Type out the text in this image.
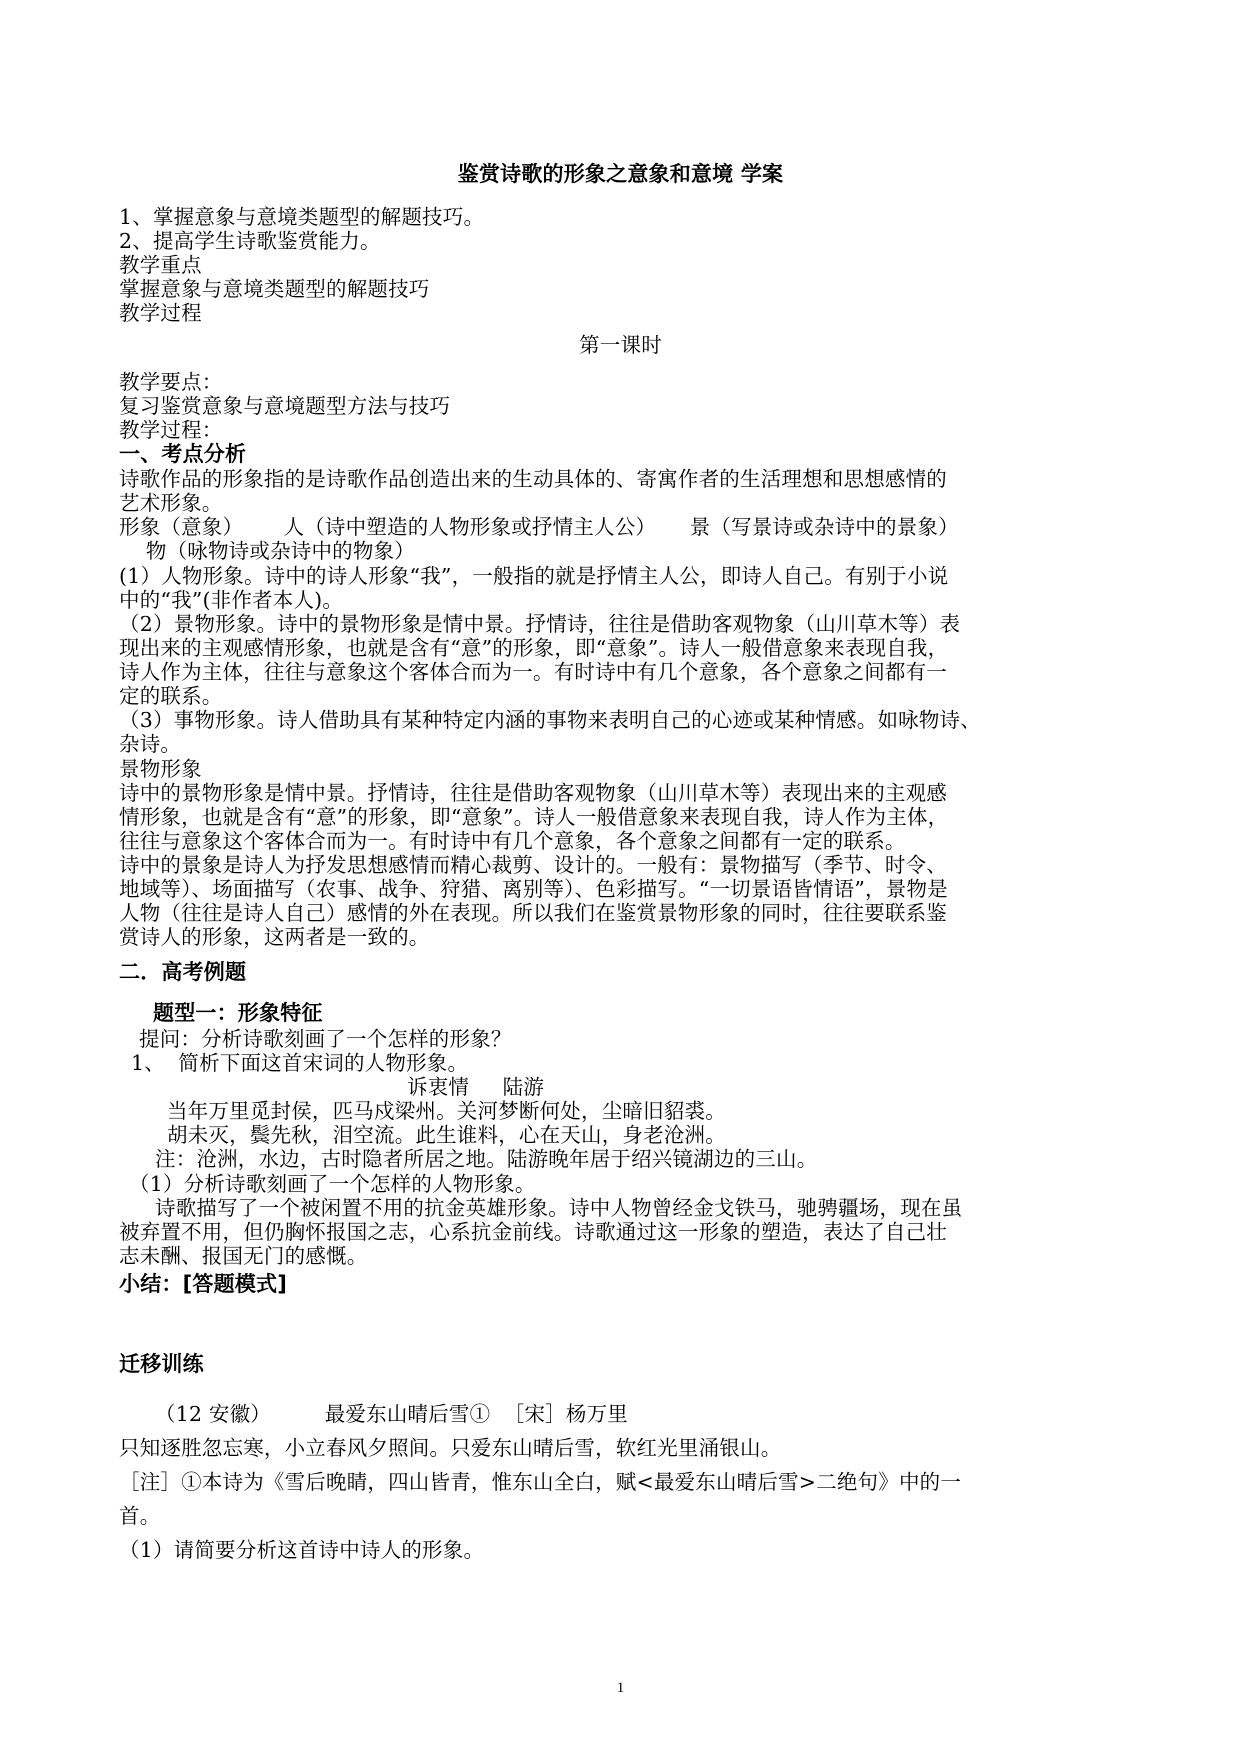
鉴赏诗歌的形象之意象和意境 学案
1、掌握意象与意境类题型的解题技巧。
2、提高学生诗歌鉴赏能力。
教学重点
掌握意象与意境类题型的解题技巧
教学过程
第一课时
教学要点：
复习鉴赏意象与意境题型方法与技巧
教学过程：
一、考点分析
诗歌作品的形象指的是诗歌作品创造出来的生动具体的、寄寓作者的生活理想和思想感情的
艺术形象。
形象（意象）      人（诗中塑造的人物形象或抒情主人公）     景（写景诗或杂诗中的景象）
物（咏物诗或杂诗中的物象）
(1）人物形象。诗中的诗人形象“我”，一般指的就是抒情主人公，即诗人自己。有别于小说
中的“我”(非作者本人)。
（2）景物形象。诗中的景物形象是情中景。抒情诗，往往是借助客观物象（山川草木等）表
现出来的主观感情形象，也就是含有“意”的形象，即“意象”。诗人一般借意象来表现自我，
诗人作为主体，往往与意象这个客体合而为一。有时诗中有几个意象，各个意象之间都有一
定的联系。
（3）事物形象。诗人借助具有某种特定内涵的事物来表明自己的心迹或某种情感。如咏物诗、
杂诗。
景物形象
诗中的景物形象是情中景。抒情诗，往往是借助客观物象（山川草木等）表现出来的主观感
情形象，也就是含有“意”的形象，即“意象”。诗人一般借意象来表现自我，诗人作为主体，
往往与意象这个客体合而为一。有时诗中有几个意象，各个意象之间都有一定的联系。
诗中的景象是诗人为抒发思想感情而精心裁剪、设计的。一般有：景物描写（季节、时令、
地域等）、场面描写（农事、战争、狩猎、离别等）、色彩描写。“一切景语皆情语”，景物是
人物（往往是诗人自己）感情的外在表现。所以我们在鉴赏景物形象的同时，往往要联系鉴
赏诗人的形象，这两者是一致的。
二．高考例题
题型一：形象特征
提问：分析诗歌刻画了一个怎样的形象？
1、  简析下面这首宋词的人物形象。
诉衷情     陆游
当年万里觅封侯，匹马戍梁州。关河梦断何处，尘暗旧貂裘。
胡未灭，鬓先秋，泪空流。此生谁料，心在天山，身老沧洲。
注：沧洲，水边，古时隐者所居之地。陆游晚年居于绍兴镜湖边的三山。
（1）分析诗歌刻画了一个怎样的人物形象。
诗歌描写了一个被闲置不用的抗金英雄形象。诗中人物曾经金戈铁马，驰骋疆场，现在虽
被弃置不用，但仍胸怀报国之志，心系抗金前线。诗歌通过这一形象的塑造，表达了自己壮
志未酬、报国无门的感慨。
小结：[答题模式]
迁移训练
（12 安徽）        最爱东山晴后雪①  ［宋］杨万里
只知逐胜忽忘寒，小立春风夕照间。只爱东山晴后雪，软红光里涌银山。
［注］①本诗为《雪后晚睛，四山皆青，惟东山全白，赋<最爱东山晴后雪>二绝句》中的一
首。
（1）请简要分析这首诗中诗人的形象。
1
